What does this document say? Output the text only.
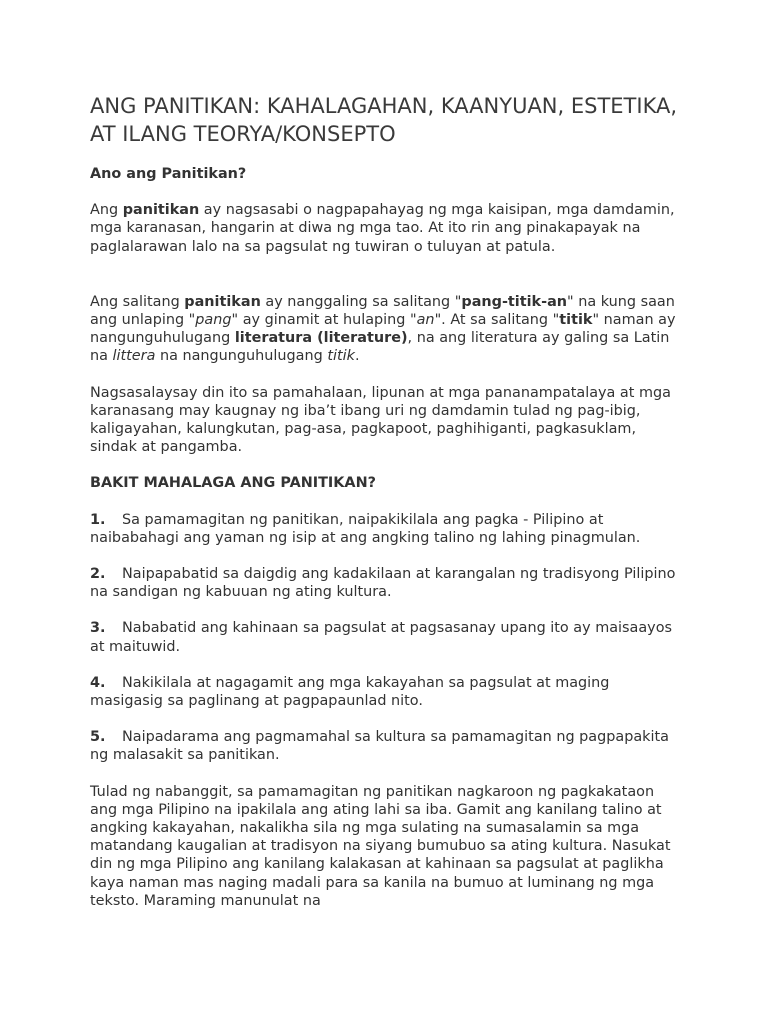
ANG PANITIKAN: KAHALAGAHAN, KAANYUAN, ESTETIKA, AT ILANG TEORYA/KONSEPTO

Ano ang Panitikan?

Ang panitikan ay nagsasabi o nagpapahayag ng mga kaisipan, mga damdamin, mga karanasan, hangarin at diwa ng mga tao. At ito rin ang pinakapayak na paglalarawan lalo na sa pagsulat ng tuwiran o tuluyan at patula.

Ang salitang panitikan ay nanggaling sa salitang "pang-titik-an" na kung saan ang unlaping "pang" ay ginamit at hulaping "an". At sa salitang "titik" naman ay nangunguhulugang literatura (literature), na ang literatura ay galing sa Latin na littera na nangunguhulugang titik.

Nagsasalaysay din ito sa pamahalaan, lipunan at mga pananampatalaya at mga karanasang may kaugnay ng iba’t ibang uri ng damdamin tulad ng pag-ibig, kaligayahan, kalungkutan, pag-asa, pagkapoot, paghihiganti, pagkasuklam, sindak at pangamba.

BAKIT MAHALAGA ANG PANITIKAN?

1. Sa pamamagitan ng panitikan, naipakikilala ang pagka - Pilipino at naibabahagi ang yaman ng isip at ang angking talino ng lahing pinagmulan.

2. Naipapabatid sa daigdig ang kadakilaan at karangalan ng tradisyong Pilipino na sandigan ng kabuuan ng ating kultura.

3. Nababatid ang kahinaan sa pagsulat at pagsasanay upang ito ay maisaayos at maituwid.

4. Nakikilala at nagagamit ang mga kakayahan sa pagsulat at maging masigasig sa paglinang at pagpapaunlad nito.

5. Naipadarama ang pagmamahal sa kultura sa pamamagitan ng pagpapakita ng malasakit sa panitikan.

Tulad ng nabanggit, sa pamamagitan ng panitikan nagkaroon ng pagkakataon ang mga Pilipino na ipakilala ang ating lahi sa iba. Gamit ang kanilang talino at angking kakayahan, nakalikha sila ng mga sulating na sumasalamin sa mga matandang kaugalian at tradisyon na siyang bumubuo sa ating kultura. Nasukat din ng mga Pilipino ang kanilang kalakasan at kahinaan sa pagsulat at paglikha kaya naman mas naging madali para sa kanila na bumuo at luminang ng mga teksto. Maraming manunulat na
